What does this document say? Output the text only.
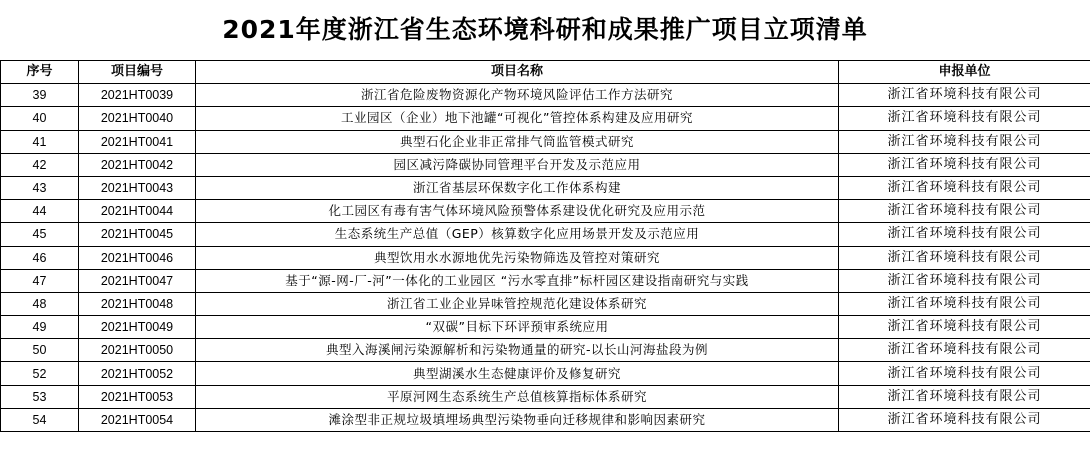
2021年度浙江省生态环境科研和成果推广项目立项清单
序号	项目编号	项目名称	申报单位
39	2021HT0039	浙江省危险废物资源化产物环境风险评估工作方法研究	浙江省环境科技有限公司
40	2021HT0040	工业园区（企业）地下池罐“可视化”管控体系构建及应用研究	浙江省环境科技有限公司
41	2021HT0041	典型石化企业非正常排气筒监管模式研究	浙江省环境科技有限公司
42	2021HT0042	园区减污降碳协同管理平台开发及示范应用	浙江省环境科技有限公司
43	2021HT0043	浙江省基层环保数字化工作体系构建	浙江省环境科技有限公司
44	2021HT0044	化工园区有毒有害气体环境风险预警体系建设优化研究及应用示范	浙江省环境科技有限公司
45	2021HT0045	生态系统生产总值（GEP）核算数字化应用场景开发及示范应用	浙江省环境科技有限公司
46	2021HT0046	典型饮用水水源地优先污染物筛选及管控对策研究	浙江省环境科技有限公司
47	2021HT0047	基于“源-网-厂-河”一体化的工业园区 “污水零直排”标杆园区建设指南研究与实践	浙江省环境科技有限公司
48	2021HT0048	浙江省工业企业异味管控规范化建设体系研究	浙江省环境科技有限公司
49	2021HT0049	“双碳”目标下环评预审系统应用	浙江省环境科技有限公司
50	2021HT0050	典型入海溪闸污染源解析和污染物通量的研究-以长山河海盐段为例	浙江省环境科技有限公司
52	2021HT0052	典型湖溪水生态健康评价及修复研究	浙江省环境科技有限公司
53	2021HT0053	平原河网生态系统生产总值核算指标体系研究	浙江省环境科技有限公司
54	2021HT0054	滩涂型非正规垃圾填埋场典型污染物垂向迁移规律和影响因素研究	浙江省环境科技有限公司
